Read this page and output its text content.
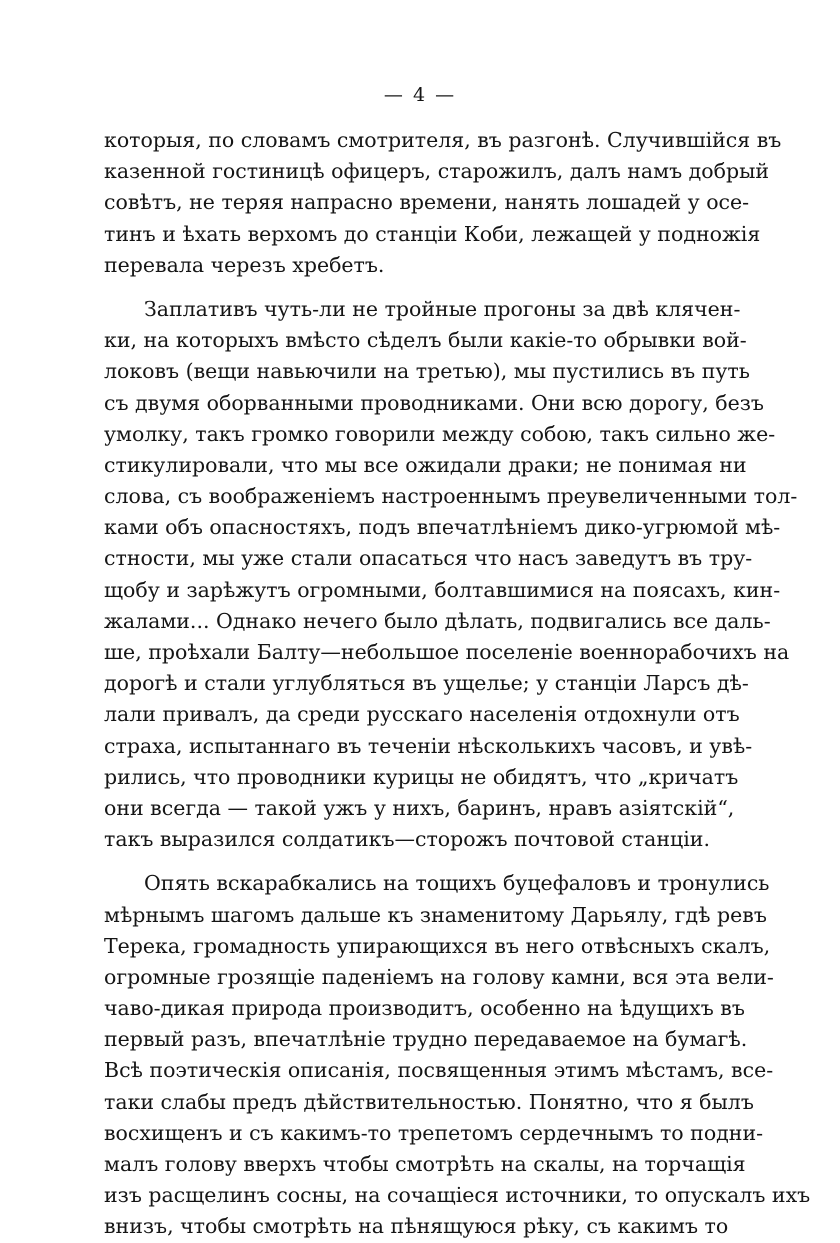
— 4 —
которыя, по словамъ смотрителя, въ разгонѣ. Случившійся въ
казенной гостиницѣ офицеръ, старожилъ, далъ намъ добрый
совѣтъ, не теряя напрасно времени, нанять лошадей у осе-
тинъ и ѣхать верхомъ до станціи Коби, лежащей у подножія
перевала черезъ хребетъ.
Заплативъ чуть-ли не тройные прогоны за двѣ клячен-
ки, на которыхъ вмѣсто сѣделъ были какіе-то обрывки вой-
локовъ (вещи навьючили на третью), мы пустились въ путь
съ двумя оборванными проводниками. Они всю дорогу, безъ
умолку, такъ громко говорили между собою, такъ сильно же-
стикулировали, что мы все ожидали драки; не понимая ни
слова, съ воображеніемъ настроеннымъ преувеличенными тол-
ками объ опасностяхъ, подъ впечатлѣніемъ дико-угрюмой мѣ-
стности, мы уже стали опасаться что насъ заведутъ въ тру-
щобу и зарѣжутъ огромными, болтавшимися на поясахъ, кин-
жалами... Однако нечего было дѣлать, подвигались все даль-
ше, проѣхали Балту—небольшое поселеніе военнорабочихъ на
дорогѣ и стали углубляться въ ущелье; у станціи Ларсъ дѣ-
лали привалъ, да среди русскаго населенія отдохнули отъ
страха, испытаннаго въ теченіи нѣсколькихъ часовъ, и увѣ-
рились, что проводники курицы не обидятъ, что „кричатъ
они всегда — такой ужъ у нихъ, баринъ, нравъ азіятскій“,
такъ выразился солдатикъ—сторожъ почтовой станціи.
Опять вскарабкались на тощихъ буцефаловъ и тронулись
мѣрнымъ шагомъ дальше къ знаменитому Дарьялу, гдѣ ревъ
Терека, громадность упирающихся въ него отвѣсныхъ скалъ,
огромные грозящіе паденіемъ на голову камни, вся эта вели-
чаво-дикая природа производитъ, особенно на ѣдущихъ въ
первый разъ, впечатлѣніе трудно передаваемое на бумагѣ.
Всѣ поэтическія описанія, посвященныя этимъ мѣстамъ, все-
таки слабы предъ дѣйствительностью. Понятно, что я былъ
восхищенъ и съ какимъ-то трепетомъ сердечнымъ то подни-
малъ голову вверхъ чтобы смотрѣть на скалы, на торчащія
изъ расщелинъ сосны, на сочащіеся источники, то опускалъ ихъ
внизъ, чтобы смотрѣть на пѣнящуюся рѣку, съ какимъ то
